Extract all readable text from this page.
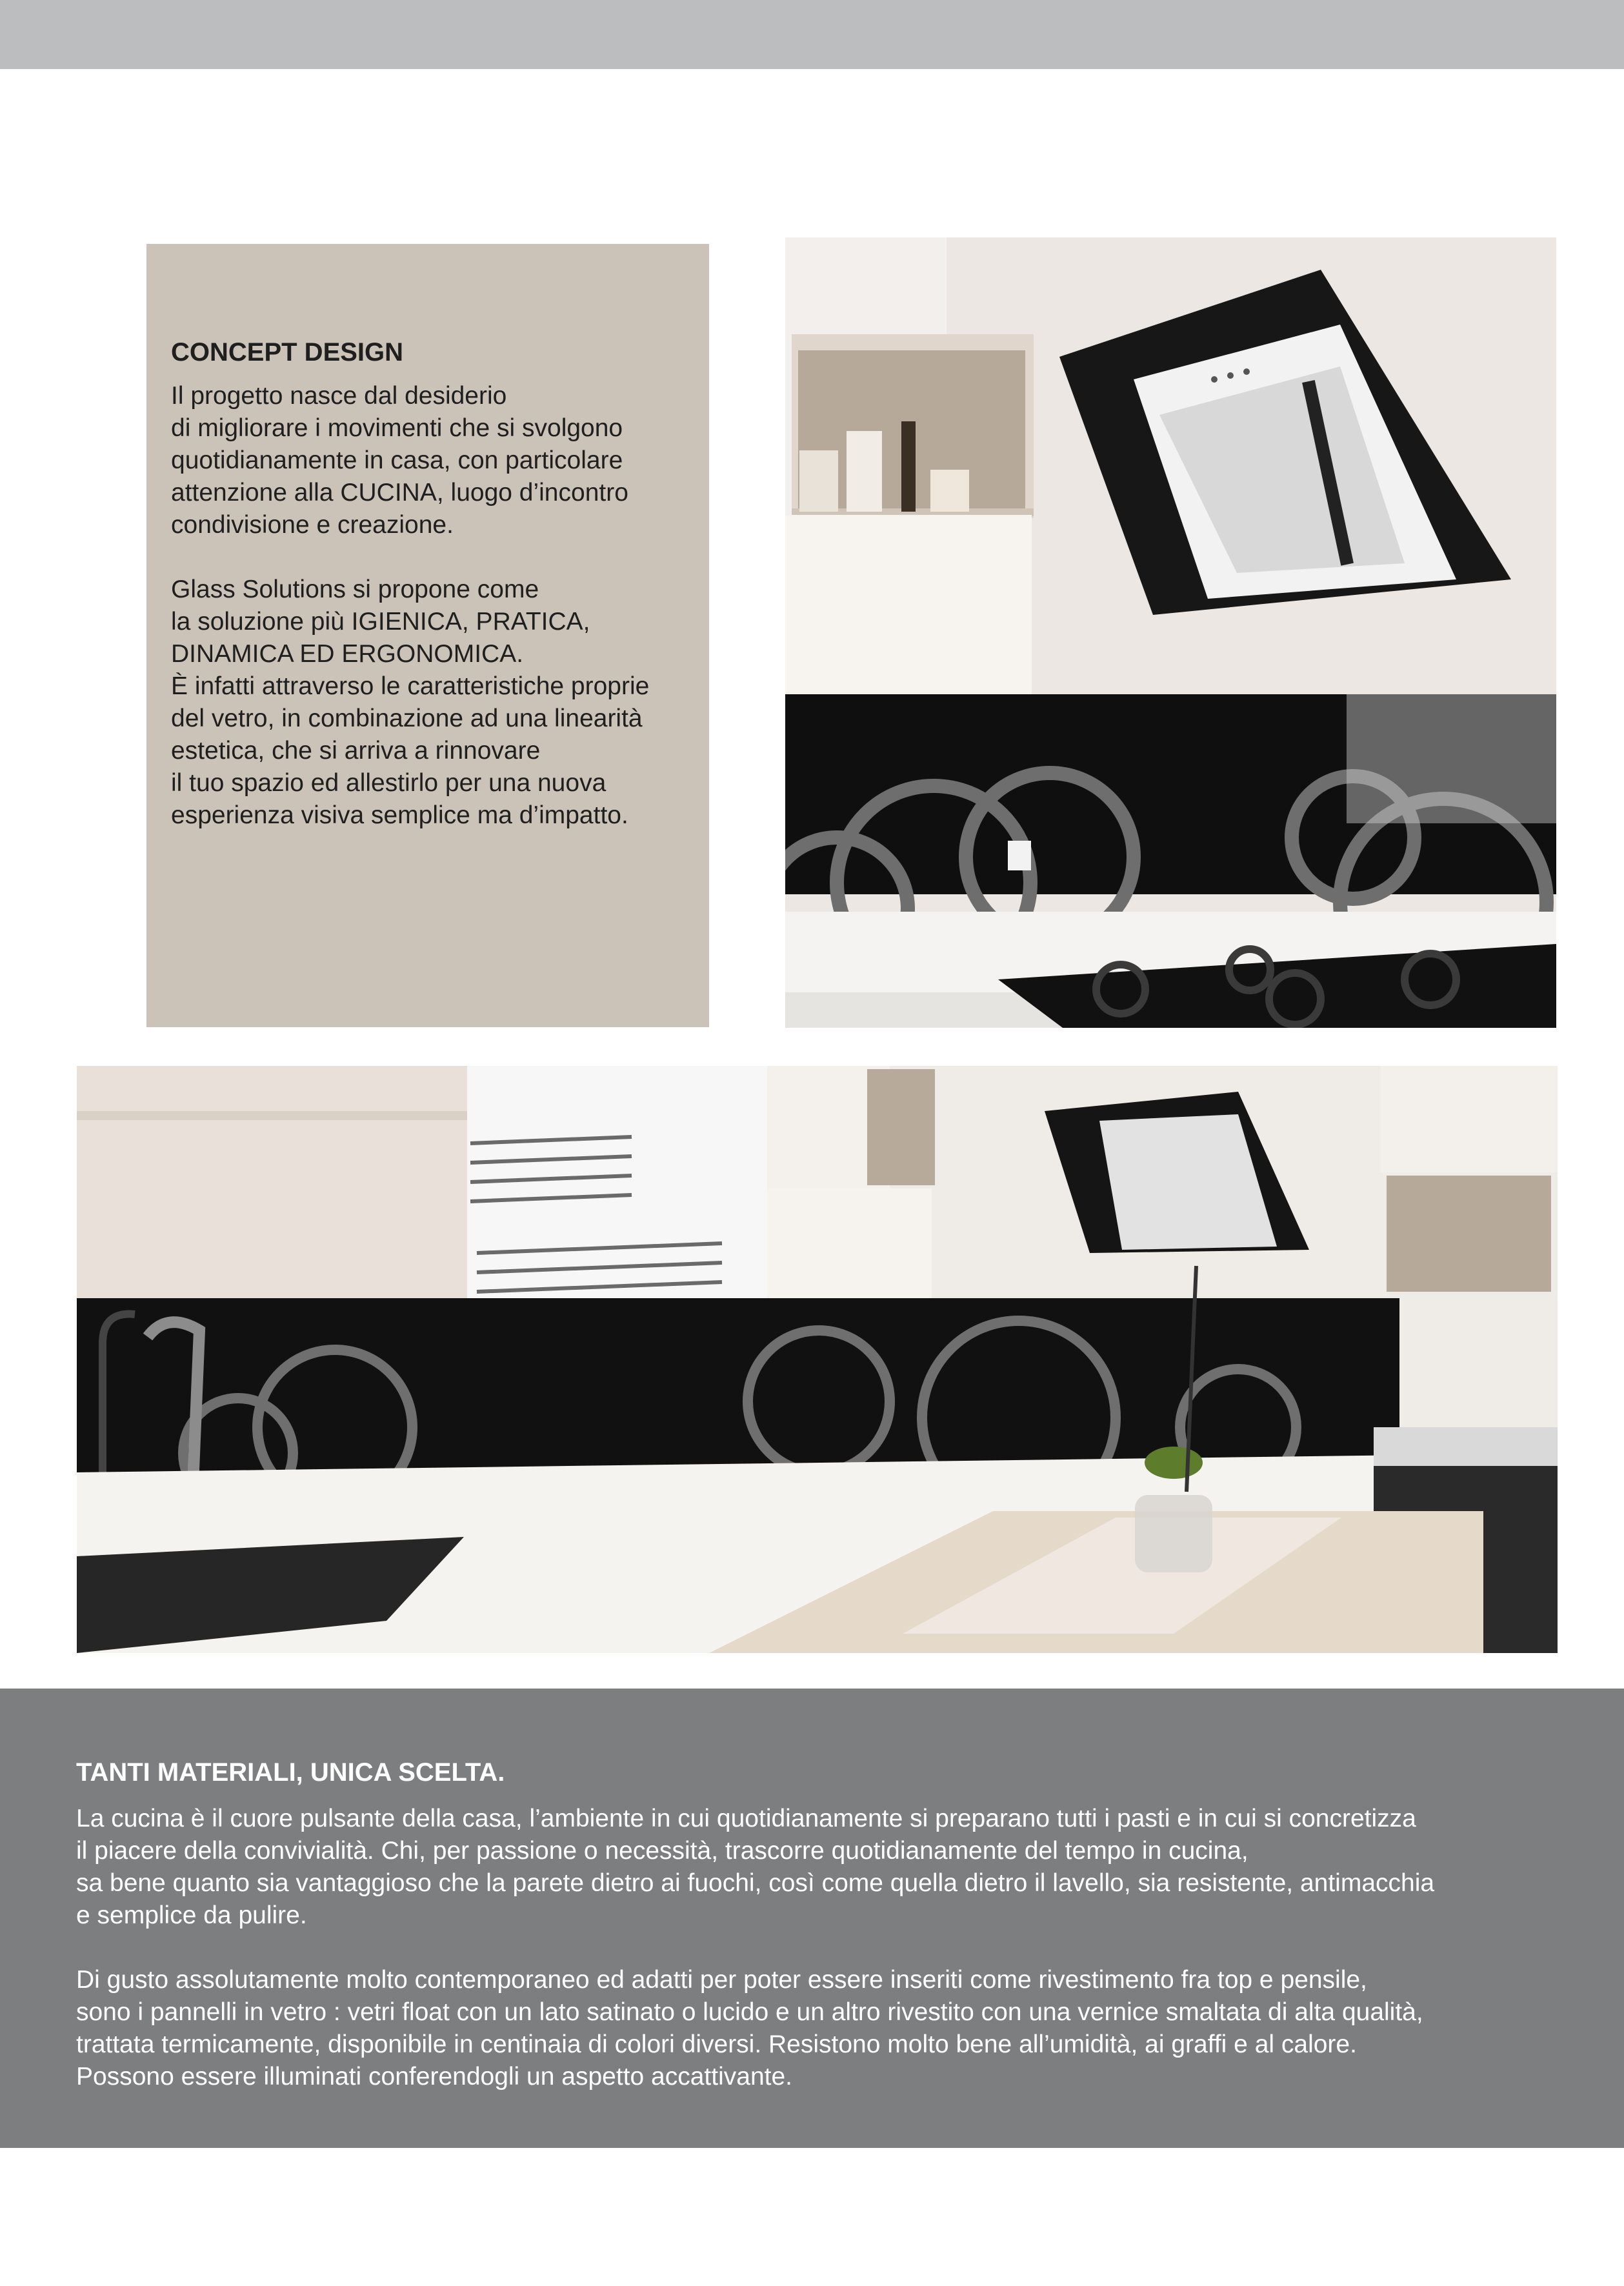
CONCEPT DESIGN

Il progetto nasce dal desiderio
di migliorare i movimenti che si svolgono
quotidianamente in casa, con particolare
attenzione alla CUCINA, luogo d’incontro
condivisione e creazione.

Glass Solutions si propone come
la soluzione più IGIENICA, PRATICA,
DINAMICA ED ERGONOMICA.
È infatti attraverso le caratteristiche proprie
del vetro, in combinazione ad una linearità
estetica, che si arriva a rinnovare
il tuo spazio ed allestirlo per una nuova
esperienza visiva semplice ma d’impatto.

TANTI MATERIALI, UNICA SCELTA.

La cucina è il cuore pulsante della casa, l’ambiente in cui quotidianamente si preparano tutti i pasti e in cui si concretizza
il piacere della convivialità. Chi, per passione o necessità, trascorre quotidianamente del tempo in cucina,
sa bene quanto sia vantaggioso che la parete dietro ai fuochi, così come quella dietro il lavello, sia resistente, antimacchia
e semplice da pulire.

Di gusto assolutamente molto contemporaneo ed adatti per poter essere inseriti come rivestimento fra top e pensile,
sono i pannelli in vetro : vetri float con un lato satinato o lucido e un altro rivestito con una vernice smaltata di alta qualità,
trattata termicamente, disponibile in centinaia di colori diversi. Resistono molto bene all’umidità, ai graffi e al calore.
Possono essere illuminati conferendogli un aspetto accattivante.
